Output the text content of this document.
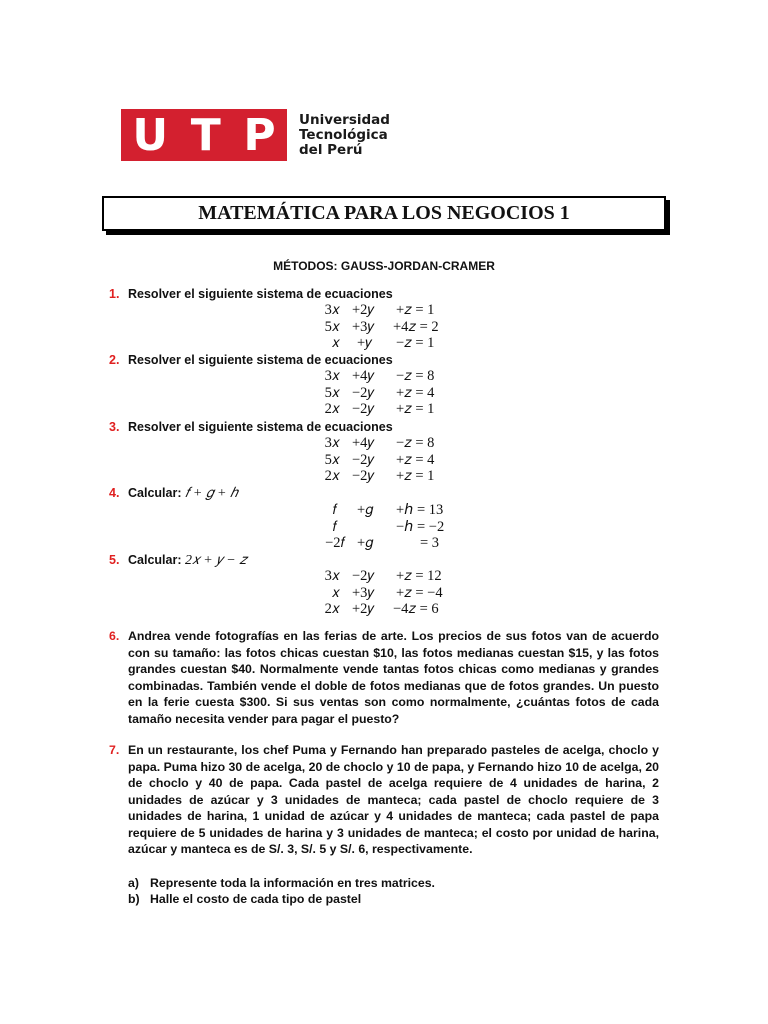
U T P Universidad
Tecnológica
del Perú
MATEMÁTICA PARA LOS NEGOCIOS 1
MÉTODOS: GAUSS-JORDAN-CRAMER
1. Resolver el siguiente sistema de ecuaciones
3𝑥 +2𝑦 +𝑧 = 1
5𝑥 +3𝑦 +4𝑧 = 2
𝑥 +𝑦 −𝑧 = 1
2. Resolver el siguiente sistema de ecuaciones
3𝑥 +4𝑦 −𝑧 = 8
5𝑥 −2𝑦 +𝑧 = 4
2𝑥 −2𝑦 +𝑧 = 1
3. Resolver el siguiente sistema de ecuaciones
3𝑥 +4𝑦 −𝑧 = 8
5𝑥 −2𝑦 +𝑧 = 4
2𝑥 −2𝑦 +𝑧 = 1
4. Calcular: 𝑓 + 𝑔 + ℎ
𝑓 +𝑔 +ℎ = 13
𝑓	−ℎ = −2
−2𝑓 +𝑔	= 3
5. Calcular: 2𝑥 + 𝑦 − 𝑧
3𝑥 −2𝑦 +𝑧 = 12
𝑥 +3𝑦 +𝑧 = −4
2𝑥 +2𝑦 −4𝑧 = 6
6. Andrea vende fotografías en las ferias de arte. Los precios de sus fotos van de acuerdo con su tamaño: las fotos chicas cuestan $10, las fotos medianas cuestan $15, y las fotos grandes cuestan $40. Normalmente vende tantas fotos chicas como medianas y grandes combinadas. También vende el doble de fotos medianas que de fotos grandes. Un puesto en la ferie cuesta $300. Si sus ventas son como normalmente, ¿cuántas fotos de cada tamaño necesita vender para pagar el puesto?
7. En un restaurante, los chef Puma y Fernando han preparado pasteles de acelga, choclo y papa. Puma hizo 30 de acelga, 20 de choclo y 10 de papa, y Fernando hizo 10 de acelga, 20 de choclo y 40 de papa. Cada pastel de acelga requiere de 4 unidades de harina, 2 unidades de azúcar y 3 unidades de manteca; cada pastel de choclo requiere de 3 unidades de harina, 1 unidad de azúcar y 4 unidades de manteca; cada pastel de papa requiere de 5 unidades de harina y 3 unidades de manteca; el costo por unidad de harina, azúcar y manteca es de S/. 3, S/. 5 y S/. 6, respectivamente.
a) Represente toda la información en tres matrices.
b) Halle el costo de cada tipo de pastel
